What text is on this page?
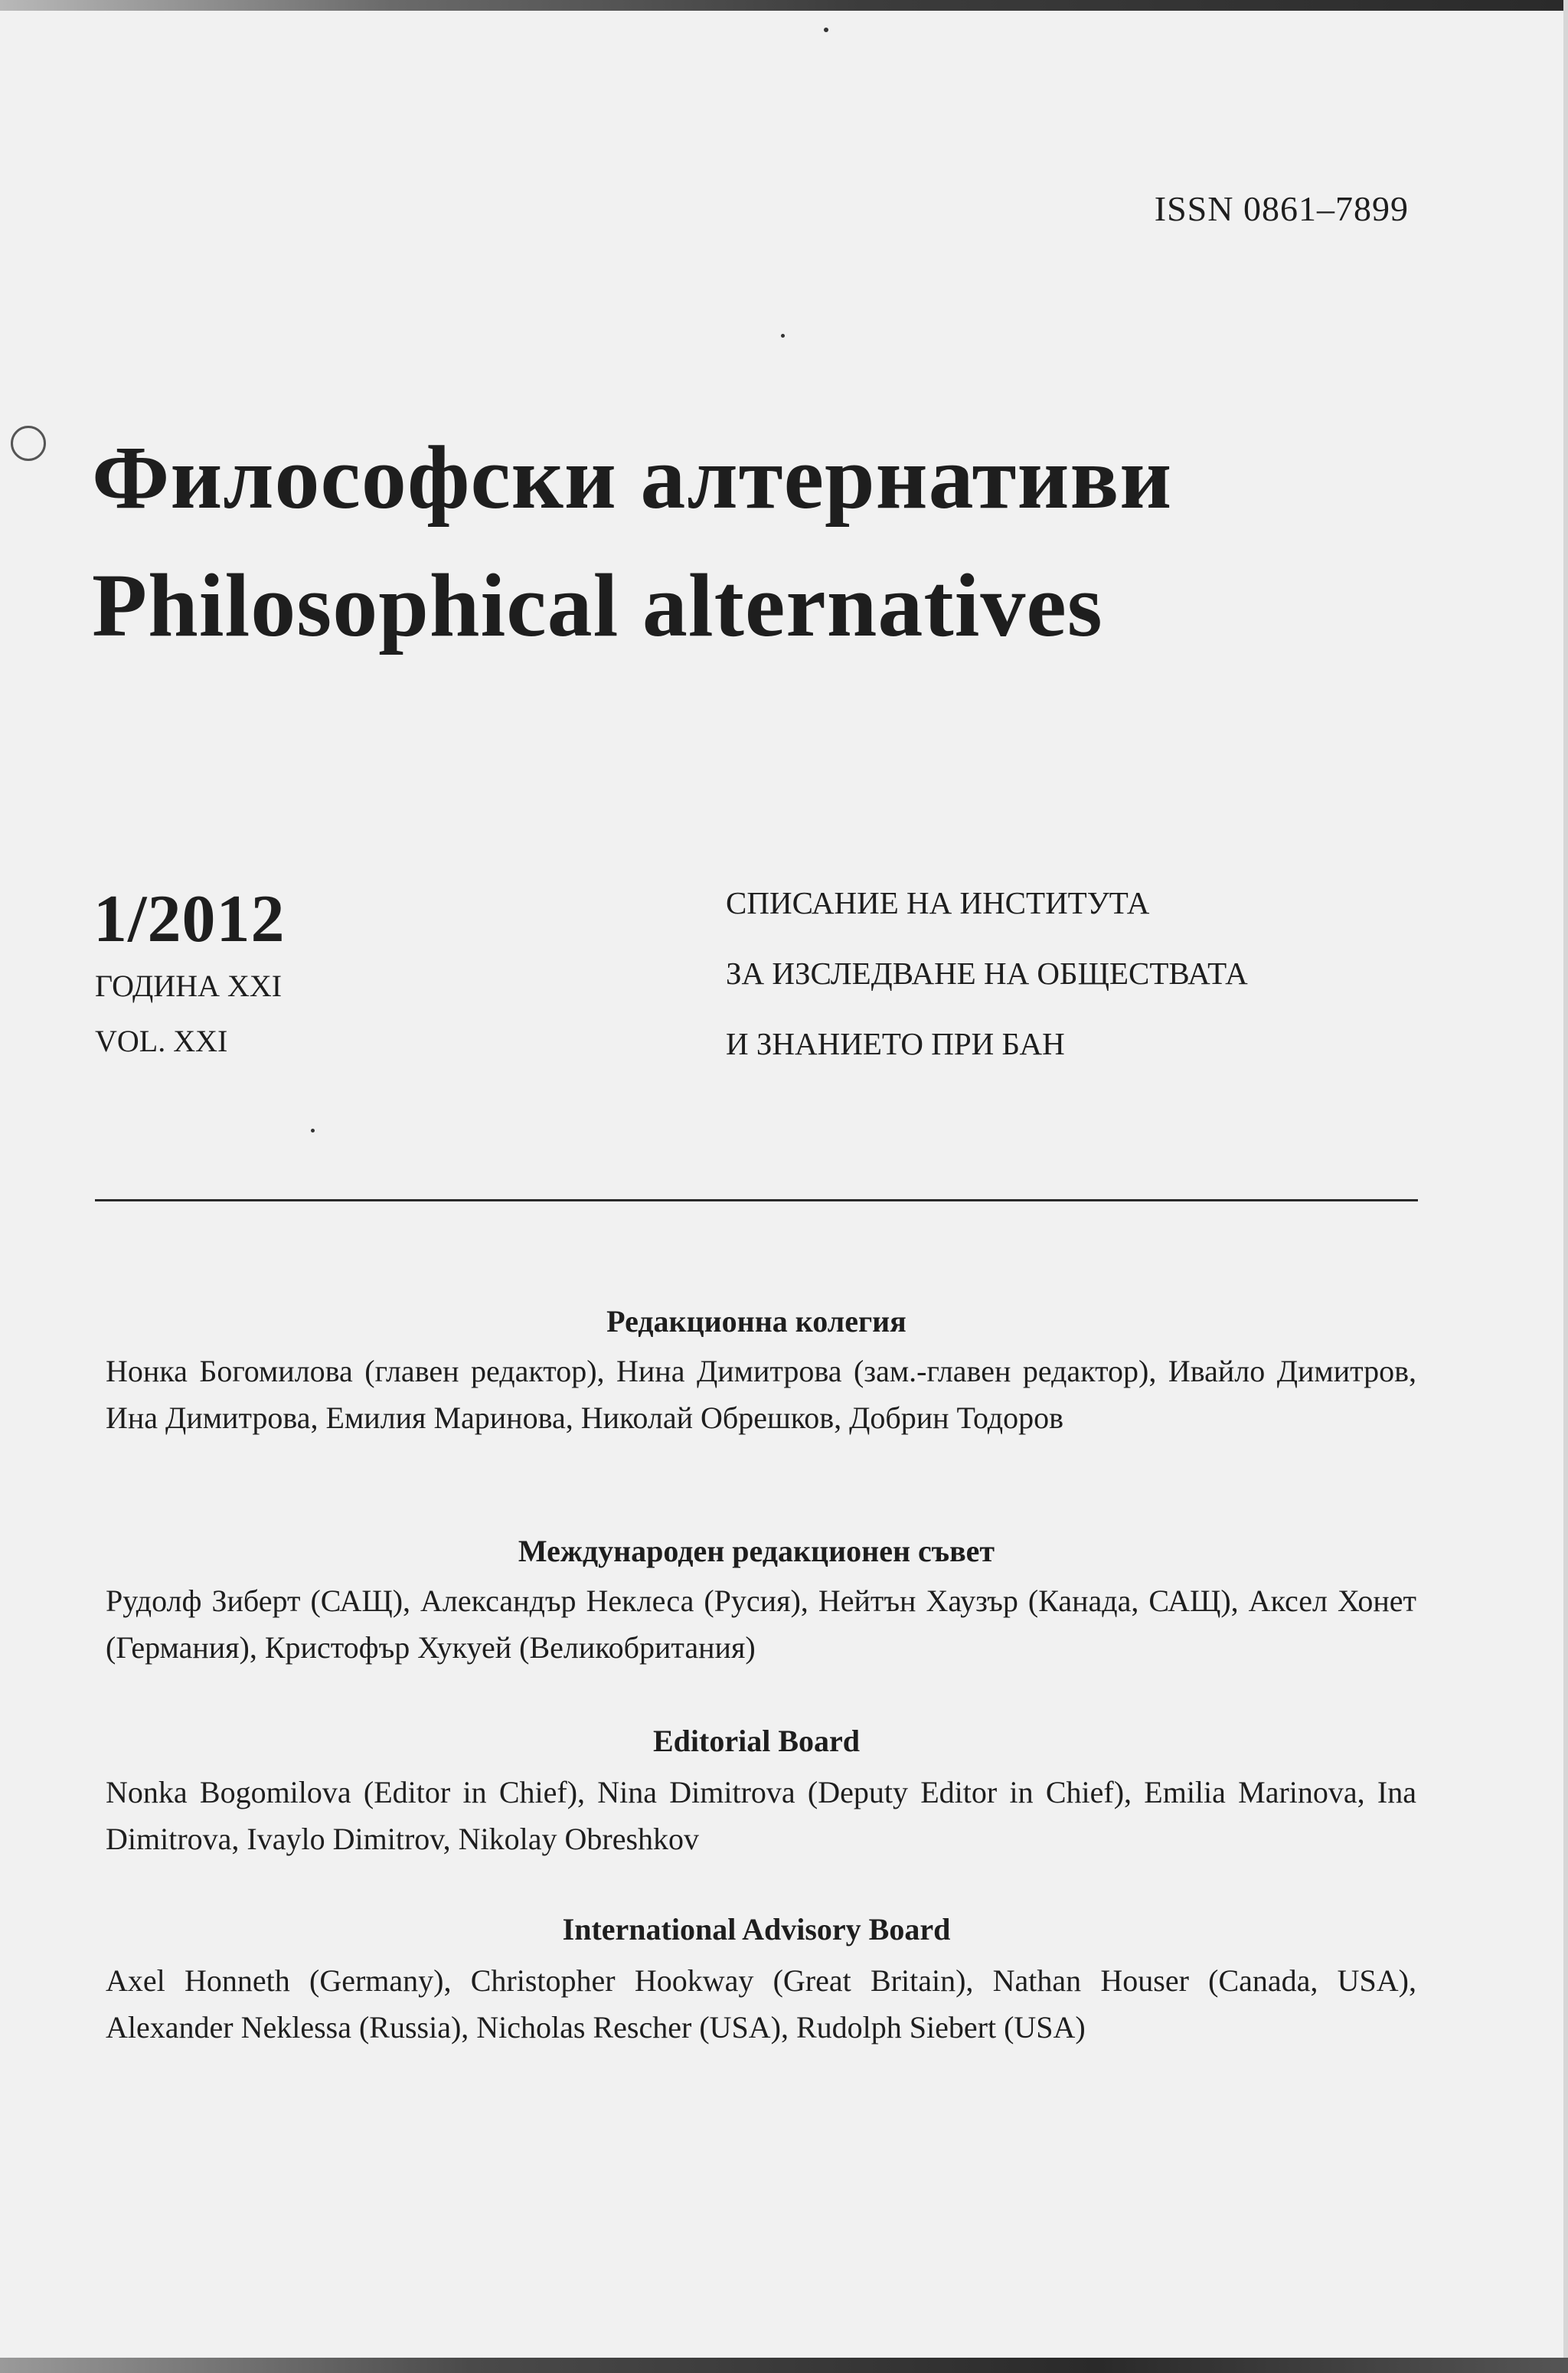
ISSN 0861–7899
Философски алтернативи
Philosophical alternatives
1/2012
ГОДИНА XXI
VOL. XXI
СПИСАНИЕ НА ИНСТИТУТА
ЗА ИЗСЛЕДВАНЕ НА ОБЩЕСТВАТА
И ЗНАНИЕТО ПРИ БАН
Редакционна колегия
Нонка Богомилова (главен редактор), Нина Димитрова (зам.-главен редактор), Ивайло Димитров, Ина Димитрова, Емилия Маринова, Николай Обрешков, Добрин Тодоров
Международен редакционен съвет
Рудолф Зиберт (САЩ), Александър Неклеса (Русия), Нейтън Хаузър (Канада, САЩ), Аксел Хонет (Германия), Кристофър Хукуей (Великобритания)
Editorial Board
Nonka Bogomilova (Editor in Chief), Nina Dimitrova (Deputy Editor in Chief), Emilia Marinova, Ina Dimitrova, Ivaylo Dimitrov, Nikolay Obreshkov
International Advisory Board
Axel Honneth (Germany), Christopher Hookway (Great Britain), Nathan Houser (Canada, USA), Alexander Neklessa (Russia), Nicholas Rescher (USA), Rudolph Siebert (USA)
